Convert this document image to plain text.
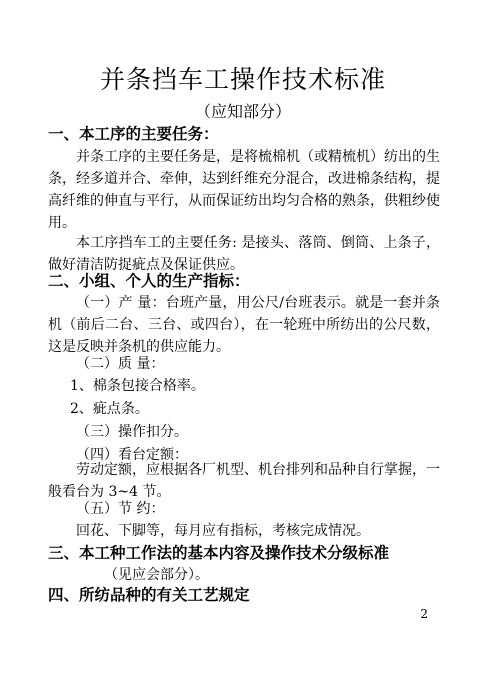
并条挡车工操作技术标准
（应知部分）
一、本工序的主要任务：
并条工序的主要任务是，是将梳棉机（或精梳机）纺出的生条，经多道并合、牵伸，达到纤维充分混合，改进棉条结构，提高纤维的伸直与平行，从而保证纺出均匀合格的熟条，供粗纱使用。
本工序挡车工的主要任务: 是接头、落筒、倒筒、上条子，做好清洁防捉疵点及保证供应。
二、小组、个人的生产指标：
（一）产 量：台班产量，用公尺/台班表示。就是一套并条机（前后二台、三台、或四台），在一轮班中所纺出的公尺数，这是反映并条机的供应能力。
（二）质 量：
1、棉条包接合格率。
2、疵点条。
（三）操作扣分。
（四）看台定额：
劳动定额，应根据各厂机型、机台排列和品种自行掌握，一般看台为 3~4 节。
（五）节 约：
回花、下脚等，每月应有指标，考核完成情况。
三、本工种工作法的基本内容及操作技术分级标准
（见应会部分）。
四、所纺品种的有关工艺规定
2
